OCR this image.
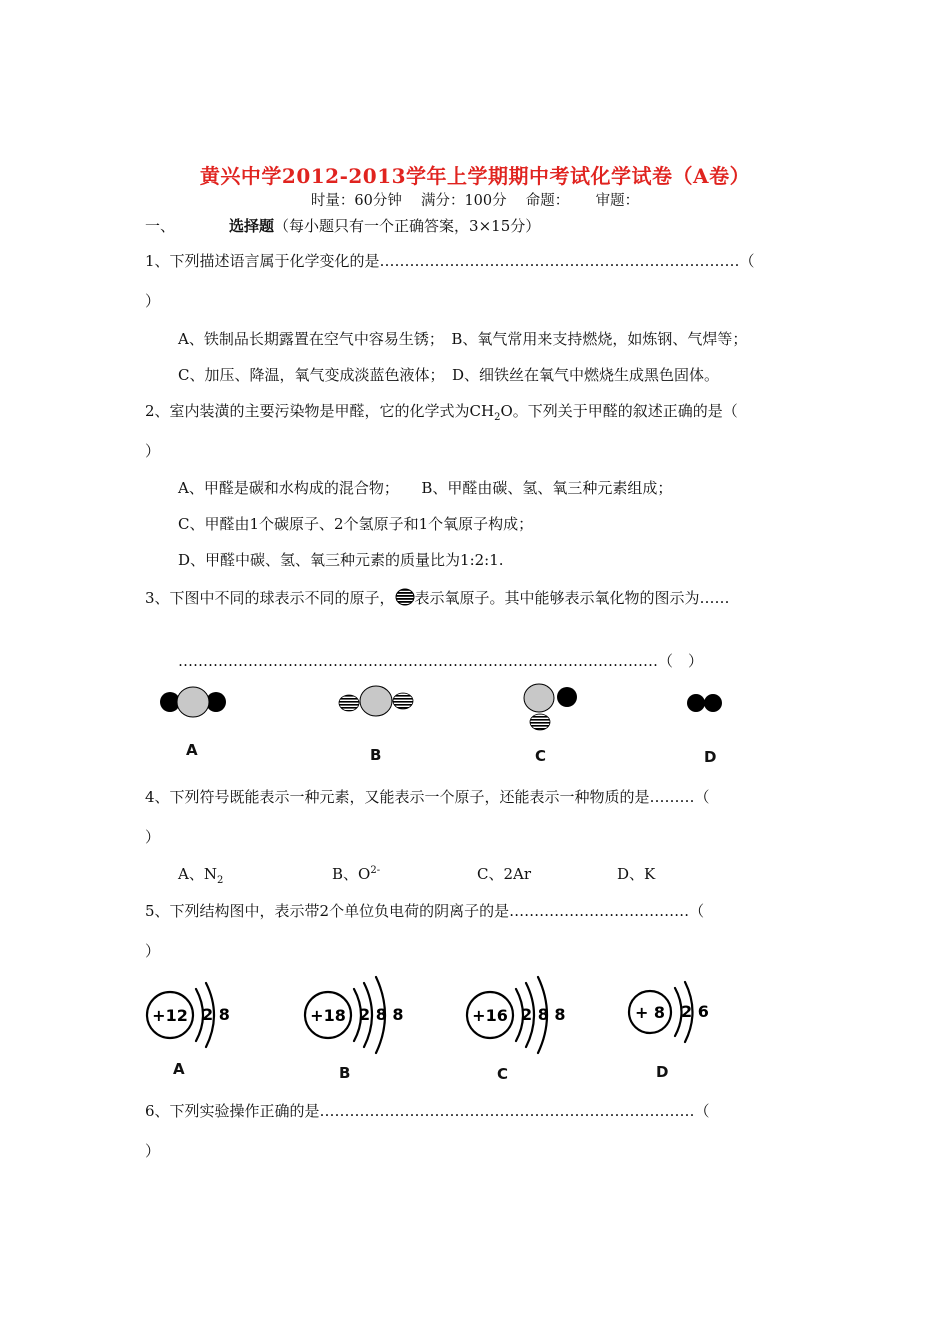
黄兴中学2012-2013学年上学期期中考试化学试卷（A卷）
时量：60分钟　 满分：100分　 命题：　　 审题：
一、	选择题（每小题只有一个正确答案，3×15分）
1、下列描述语言属于化学变化的是………………………………………………………………（
）
A、铁制品长期露置在空气中容易生锈；　B、氧气常用来支持燃烧，如炼钢、气焊等；
C、加压、降温，氧气变成淡蓝色液体；　D、细铁丝在氧气中燃烧生成黑色固体。
2、室内装潢的主要污染物是甲醛，它的化学式为$CH_2O$。下列关于甲醛的叙述正确的是（
）
A、甲醛是碳和水构成的混合物；　　B、甲醛由碳、氢、氧三种元素组成；
C、甲醛由1个碳原子、2个氢原子和1个氧原子构成；
D、甲醛中碳、氢、氧三种元素的质量比为1:2:1.
3、下图中不同的球表示不同的原子， 表示氧原子。其中能够表示氧化物的图示为……
……………………………………………………………………………………（　）
A	B	C	D
4、下列符号既能表示一种元素，又能表示一个原子，还能表示一种物质的是………（
）
A、$N_2$	B、$O^{2-}$	C、2Ar	D、K
5、下列结构图中，表示带2个单位负电荷的阴离子的是………………………………（
）
+12 2 8	+18 2 8 8	+16 2 8 8	+ 8 2 6
A	B	C	D
6、下列实验操作正确的是…………………………………………………………………（
）
